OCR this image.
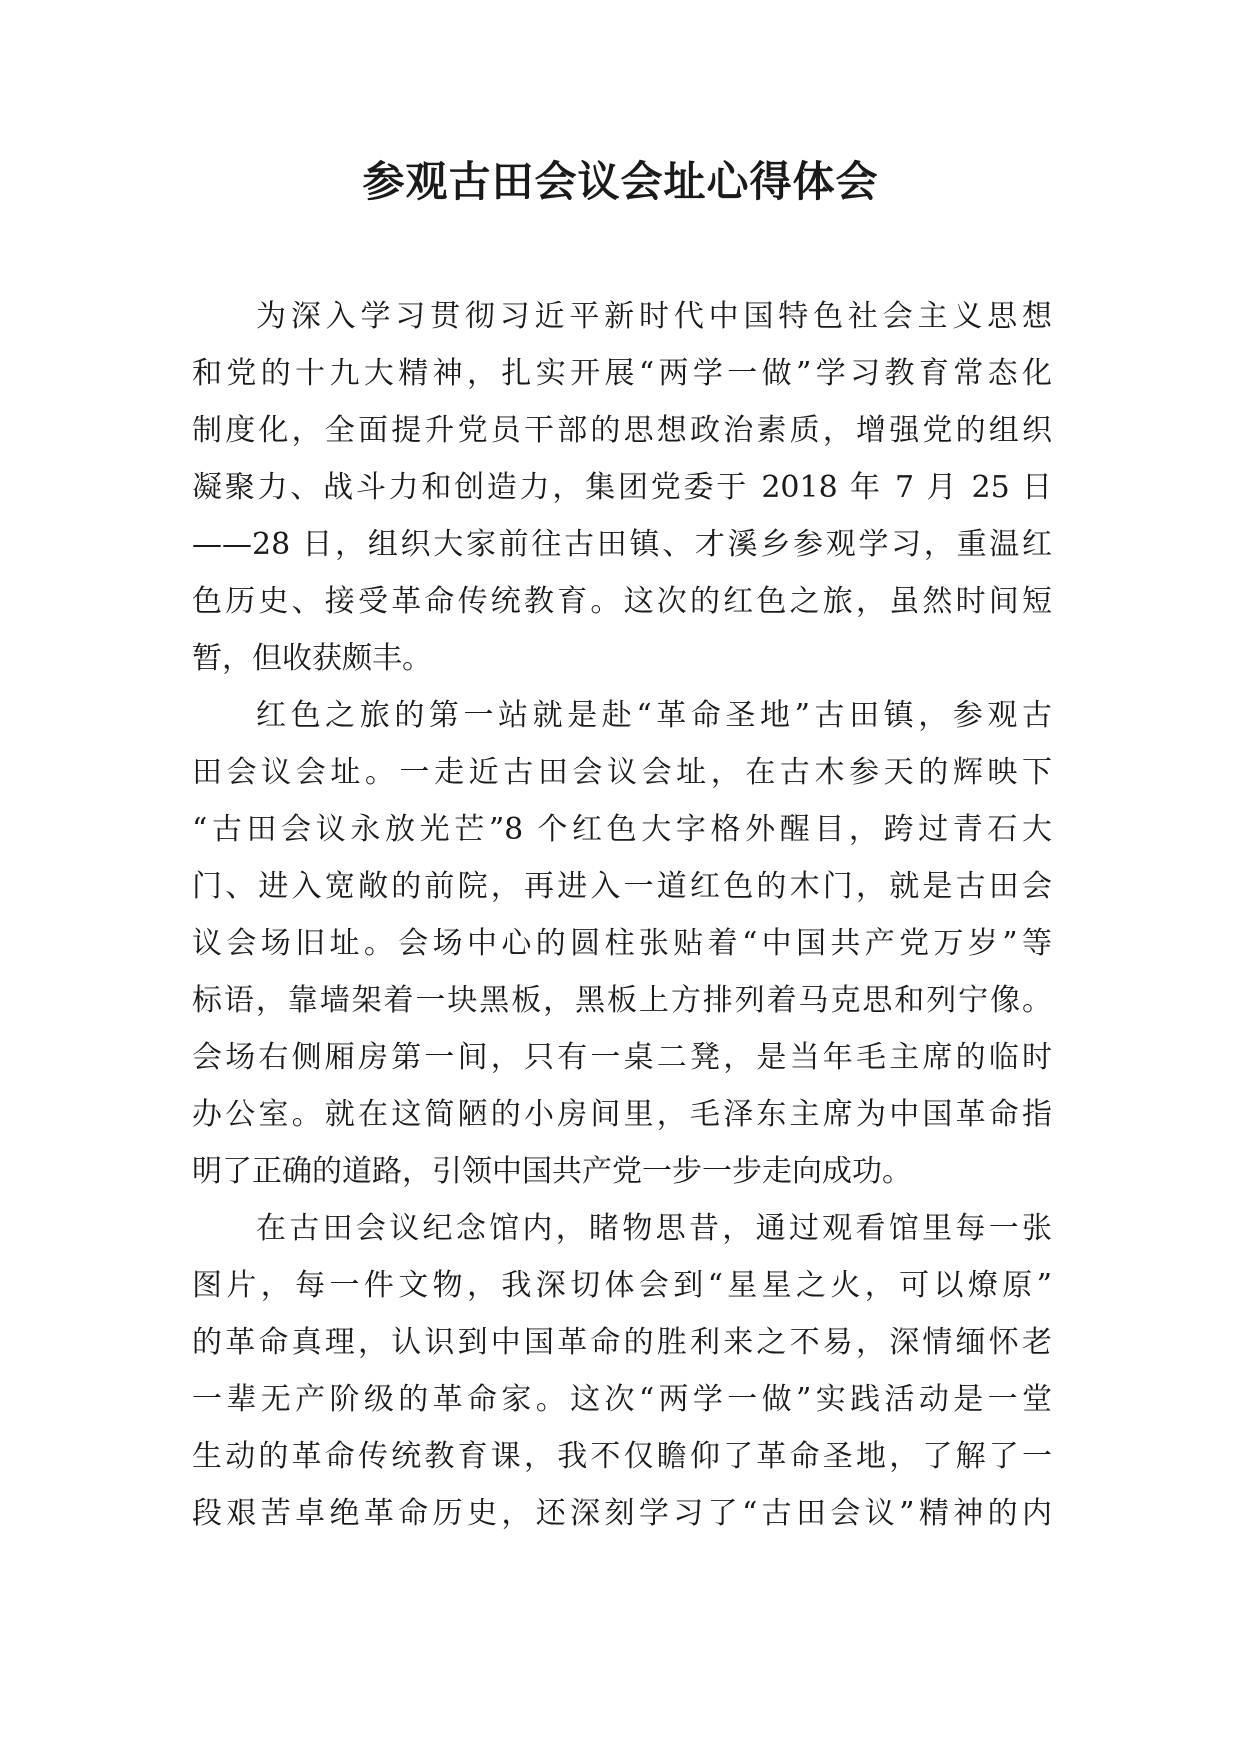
参观古田会议会址心得体会
为深入学习贯彻习近平新时代中国特色社会主义思想
和党的十九大精神，扎实开展“两学一做”学习教育常态化
制度化，全面提升党员干部的思想政治素质，增强党的组织
凝聚力、战斗力和创造力，集团党委于 2018 年 7 月 25 日
——28 日，组织大家前往古田镇、才溪乡参观学习，重温红
色历史、接受革命传统教育。这次的红色之旅，虽然时间短
暂，但收获颇丰。
红色之旅的第一站就是赴“革命圣地”古田镇，参观古
田会议会址。一走近古田会议会址，在古木参天的辉映下
“古田会议永放光芒”8 个红色大字格外醒目，跨过青石大
门、进入宽敞的前院，再进入一道红色的木门，就是古田会
议会场旧址。会场中心的圆柱张贴着“中国共产党万岁”等
标语，靠墙架着一块黑板，黑板上方排列着马克思和列宁像。
会场右侧厢房第一间，只有一桌二凳，是当年毛主席的临时
办公室。就在这简陋的小房间里，毛泽东主席为中国革命指
明了正确的道路，引领中国共产党一步一步走向成功。
在古田会议纪念馆内，睹物思昔，通过观看馆里每一张
图片，每一件文物，我深切体会到“星星之火，可以燎原”
的革命真理，认识到中国革命的胜利来之不易，深情缅怀老
一辈无产阶级的革命家。这次“两学一做”实践活动是一堂
生动的革命传统教育课，我不仅瞻仰了革命圣地，了解了一
段艰苦卓绝革命历史，还深刻学习了“古田会议”精神的内
